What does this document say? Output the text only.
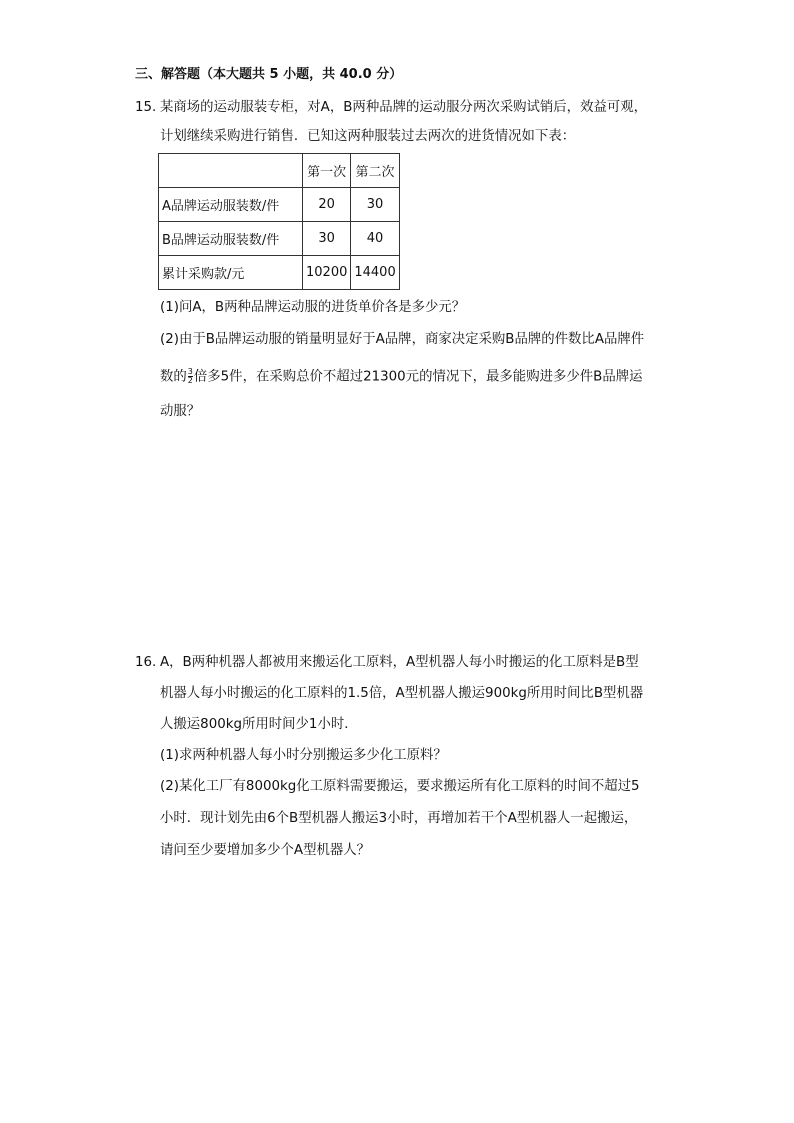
三、解答题（本大题共 5 小题，共 40.0 分）
15. 某商场的运动服装专柜，对A，B两种品牌的运动服分两次采购试销后，效益可观，
计划继续采购进行销售．已知这两种服装过去两次的进货情况如下表：
	第一次	第二次
A品牌运动服装数/件	20	30
B品牌运动服装数/件	30	40
累计采购款/元	10200	14400
(1)问A，B两种品牌运动服的进货单价各是多少元？
(2)由于B品牌运动服的销量明显好于A品牌，商家决定采购B品牌的件数比A品牌件
数的 $\frac{3}{2}$ 倍多5件，在采购总价不超过21300元的情况下，最多能购进多少件B品牌运
动服？
16. A，B两种机器人都被用来搬运化工原料，A型机器人每小时搬运的化工原料是B型
机器人每小时搬运的化工原料的1.5倍，A型机器人搬运900kg所用时间比B型机器
人搬运800kg所用时间少1小时．
(1)求两种机器人每小时分别搬运多少化工原料？
(2)某化工厂有8000kg化工原料需要搬运，要求搬运所有化工原料的时间不超过5
小时．现计划先由6个B型机器人搬运3小时，再增加若干个A型机器人一起搬运，
请问至少要增加多少个A型机器人？
